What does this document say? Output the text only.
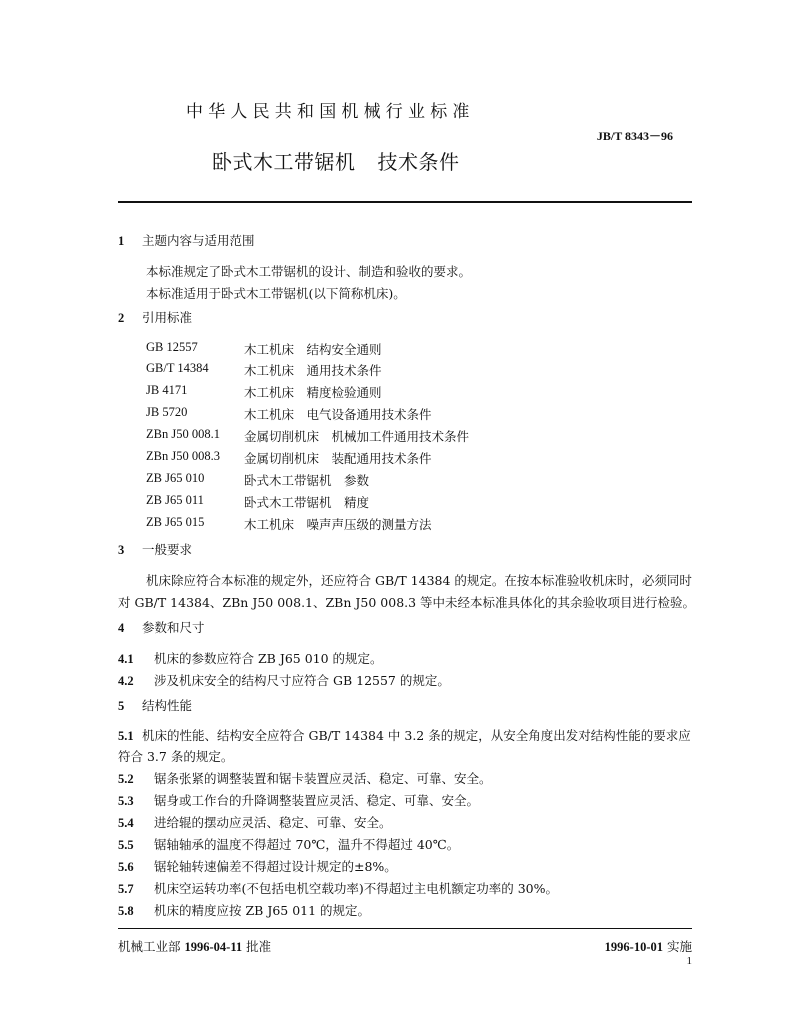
中华人民共和国机械行业标准
JB/T 8343－96
卧式木工带锯机 技术条件
1 主题内容与适用范围
本标准规定了卧式木工带锯机的设计、制造和验收的要求。
本标准适用于卧式木工带锯机(以下简称机床)。
2 引用标准
GB 12557	木工机床　结构安全通则
GB/T 14384	木工机床　通用技术条件
JB 4171	木工机床　精度检验通则
JB 5720	木工机床　电气设备通用技术条件
ZBn J50 008.1 金属切削机床　机械加工件通用技术条件
ZBn J50 008.3 金属切削机床　装配通用技术条件
ZB J65 010	卧式木工带锯机　参数
ZB J65 011	卧式木工带锯机　精度
ZB J65 015	木工机床　噪声声压级的测量方法
3 一般要求
机床除应符合本标准的规定外，还应符合 GB/T 14384 的规定。在按本标准验收机床时，必须同时
对 GB/T 14384、ZBn J50 008.1、ZBn J50 008.3 等中未经本标准具体化的其余验收项目进行检验。
4 参数和尺寸
4.1 机床的参数应符合 ZB J65 010 的规定。
4.2 涉及机床安全的结构尺寸应符合 GB 12557 的规定。
5 结构性能
5.1 机床的性能、结构安全应符合 GB/T 14384 中 3.2 条的规定，从安全角度出发对结构性能的要求应
符合 3.7 条的规定。
5.2 锯条张紧的调整装置和锯卡装置应灵活、稳定、可靠、安全。
5.3 锯身或工作台的升降调整装置应灵活、稳定、可靠、安全。
5.4 进给辊的摆动应灵活、稳定、可靠、安全。
5.5 锯轴轴承的温度不得超过 70℃，温升不得超过 40℃。
5.6 锯轮轴转速偏差不得超过设计规定的±8%。
5.7 机床空运转功率(不包括电机空载功率)不得超过主电机额定功率的 30%。
5.8 机床的精度应按 ZB J65 011 的规定。
机械工业部 1996-04-11 批准	1996-10-01 实施
1
